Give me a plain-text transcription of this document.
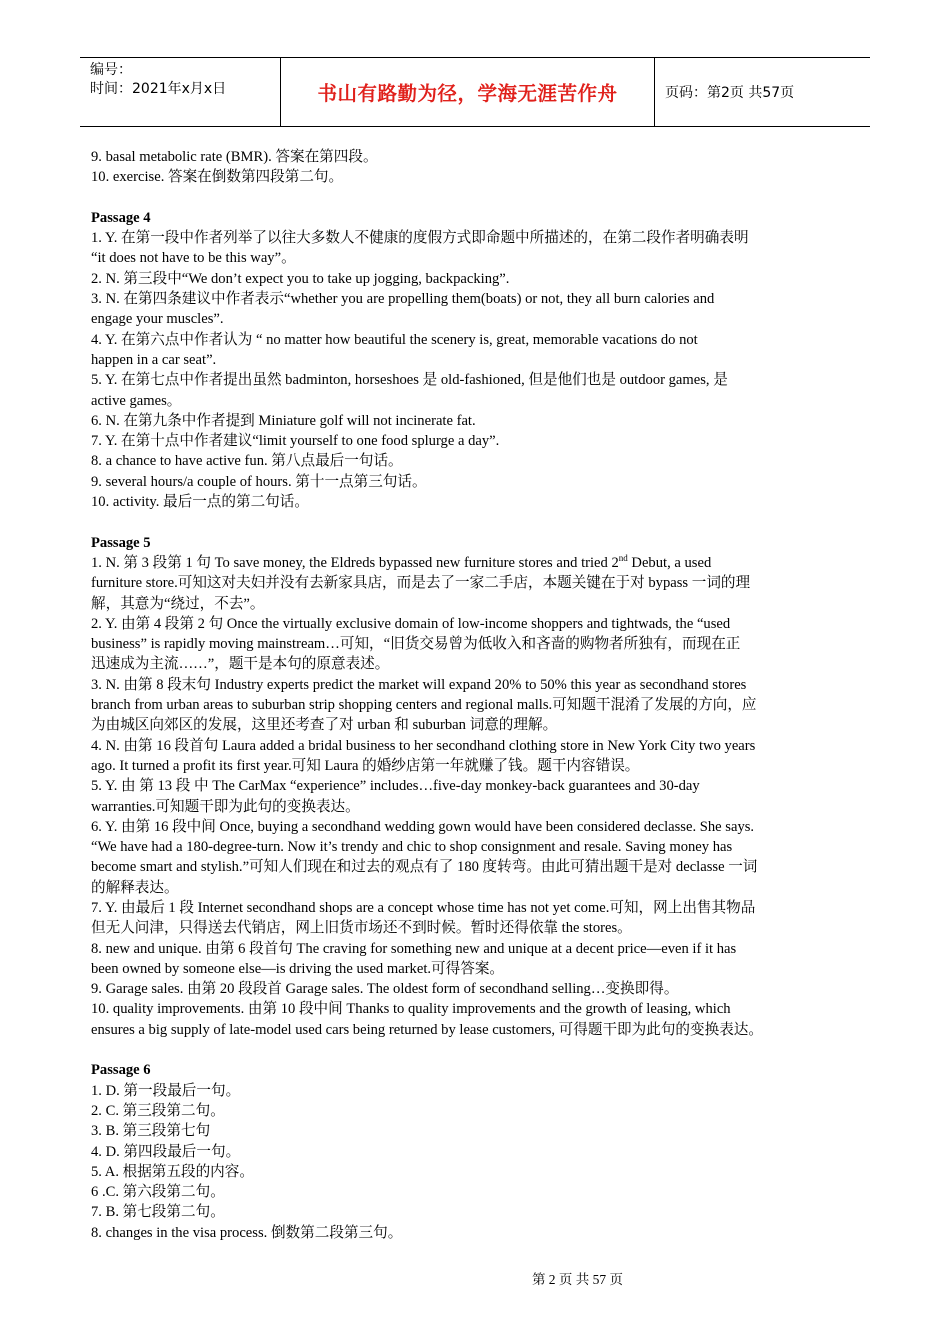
编号：
时间：2021年x月x日	书山有路勤为径，学海无涯苦作舟	页码：第2页 共57页
9. basal metabolic rate (BMR). 答案在第四段。
10. exercise. 答案在倒数第四段第二句。
Passage 4
1. Y. 在第一段中作者列举了以往大多数人不健康的度假方式即命题中所描述的，在第二段作者明确表明
“it does not have to be this way”。
2. N. 第三段中“We don’t expect you to take up jogging, backpacking”.
3. N. 在第四条建议中作者表示“whether you are propelling them(boats) or not, they all burn calories and
engage your muscles”.
4. Y. 在第六点中作者认为 “ no matter how beautiful the scenery is, great, memorable vacations do not
happen in a car seat”.
5. Y. 在第七点中作者提出虽然 badminton, horseshoes 是 old-fashioned, 但是他们也是 outdoor games, 是
active games。
6. N. 在第九条中作者提到 Miniature golf will not incinerate fat.
7. Y. 在第十点中作者建议“limit yourself to one food splurge a day”.
8. a chance to have active fun. 第八点最后一句话。
9. several hours/a couple of hours. 第十一点第三句话。
10. activity. 最后一点的第二句话。
Passage 5
1. N. 第 3 段第 1 句 To save money, the Eldreds bypassed new furniture stores and tried 2nd Debut, a used
furniture store.可知这对夫妇并没有去新家具店，而是去了一家二手店，本题关键在于对 bypass 一词的理
解，其意为“绕过，不去”。
2. Y. 由第 4 段第 2 句 Once the virtually exclusive domain of low-income shoppers and tightwads, the “used
business” is rapidly moving mainstream…可知，“旧货交易曾为低收入和吝啬的购物者所独有，而现在正
迅速成为主流……”，题干是本句的原意表述。
3. N. 由第 8 段末句 Industry experts predict the market will expand 20% to 50% this year as secondhand stores
branch from urban areas to suburban strip shopping centers and regional malls.可知题干混淆了发展的方向，应
为由城区向郊区的发展，这里还考查了对 urban 和 suburban 词意的理解。
4. N. 由第 16 段首句 Laura added a bridal business to her secondhand clothing store in New York City two years
ago. It turned a profit its first year.可知 Laura 的婚纱店第一年就赚了钱。题干内容错误。
5. Y. 由 第 13 段 中 The CarMax “experience” includes…five-day monkey-back guarantees and 30-day
warranties.可知题干即为此句的变换表达。
6. Y. 由第 16 段中间 Once, buying a secondhand wedding gown would have been considered declasse. She says.
“We have had a 180-degree-turn. Now it’s trendy and chic to shop consignment and resale. Saving money has
become smart and stylish.”可知人们现在和过去的观点有了 180 度转弯。由此可猜出题干是对 declasse 一词
的解释表达。
7. Y. 由最后 1 段 Internet secondhand shops are a concept whose time has not yet come.可知，网上出售其物品
但无人问津，只得送去代销店，网上旧货市场还不到时候。暂时还得依靠 the stores。
8. new and unique. 由第 6 段首句 The craving for something new and unique at a decent price—even if it has
been owned by someone else—is driving the used market.可得答案。
9. Garage sales. 由第 20 段段首 Garage sales. The oldest form of secondhand selling…变换即得。
10. quality improvements. 由第 10 段中间 Thanks to quality improvements and the growth of leasing, which
ensures a big supply of late-model used cars being returned by lease customers, 可得题干即为此句的变换表达。
Passage 6
1. D. 第一段最后一句。
2. C. 第三段第二句。
3. B. 第三段第七句
4. D. 第四段最后一句。
5. A. 根据第五段的内容。
6 .C. 第六段第二句。
7. B. 第七段第二句。
8. changes in the visa process. 倒数第二段第三句。
第 2 页 共 57 页
